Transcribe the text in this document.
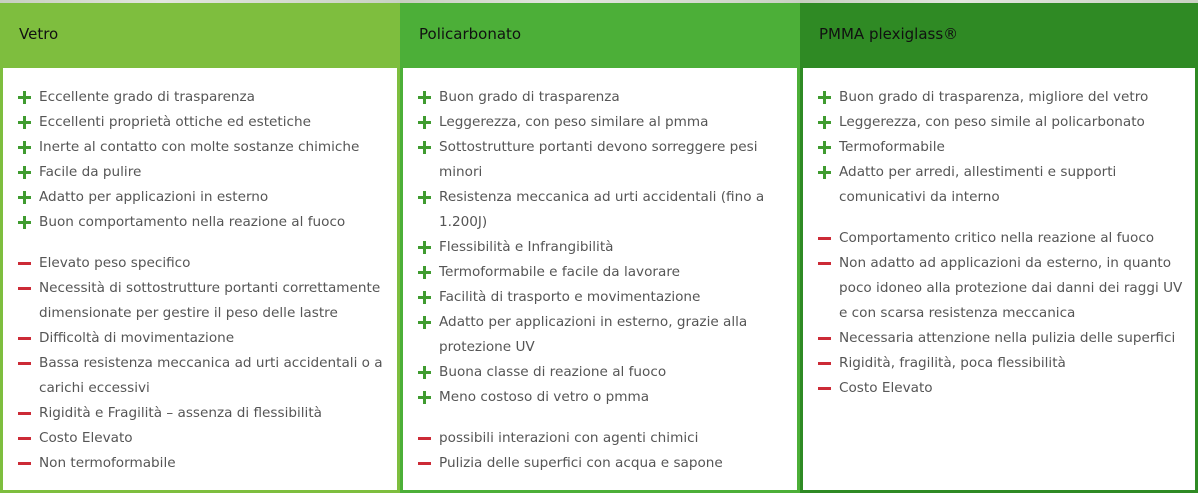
Vetro
Eccellente grado di trasparenza
Eccellenti proprietà ottiche ed estetiche
Inerte al contatto con molte sostanze chimiche
Facile da pulire
Adatto per applicazioni in esterno
Buon comportamento nella reazione al fuoco
Elevato peso specifico
Necessità di sottostrutture portanti correttamente dimensionate per gestire il peso delle lastre
Difficoltà di movimentazione
Bassa resistenza meccanica ad urti accidentali o a carichi eccessivi
Rigidità e Fragilità – assenza di flessibilità
Costo Elevato
Non termoformabile
Policarbonato
Buon grado di trasparenza
Leggerezza, con peso similare al pmma
Sottostrutture portanti devono sorreggere pesi minori
Resistenza meccanica ad urti accidentali (fino a 1.200J)
Flessibilità e Infrangibilità
Termoformabile e facile da lavorare
Facilità di trasporto e movimentazione
Adatto per applicazioni in esterno, grazie alla protezione UV
Buona classe di reazione al fuoco
Meno costoso di vetro o pmma
possibili interazioni con agenti chimici
Pulizia delle superfici con acqua e sapone
PMMA plexiglass®
Buon grado di trasparenza, migliore del vetro
Leggerezza, con peso simile al policarbonato
Termoformabile
Adatto per arredi, allestimenti e supporti comunicativi da interno
Comportamento critico nella reazione al fuoco
Non adatto ad applicazioni da esterno, in quanto poco idoneo alla protezione dai danni dei raggi UV e con scarsa resistenza meccanica
Necessaria attenzione nella pulizia delle superfici
Rigidità, fragilità, poca flessibilità
Costo Elevato
